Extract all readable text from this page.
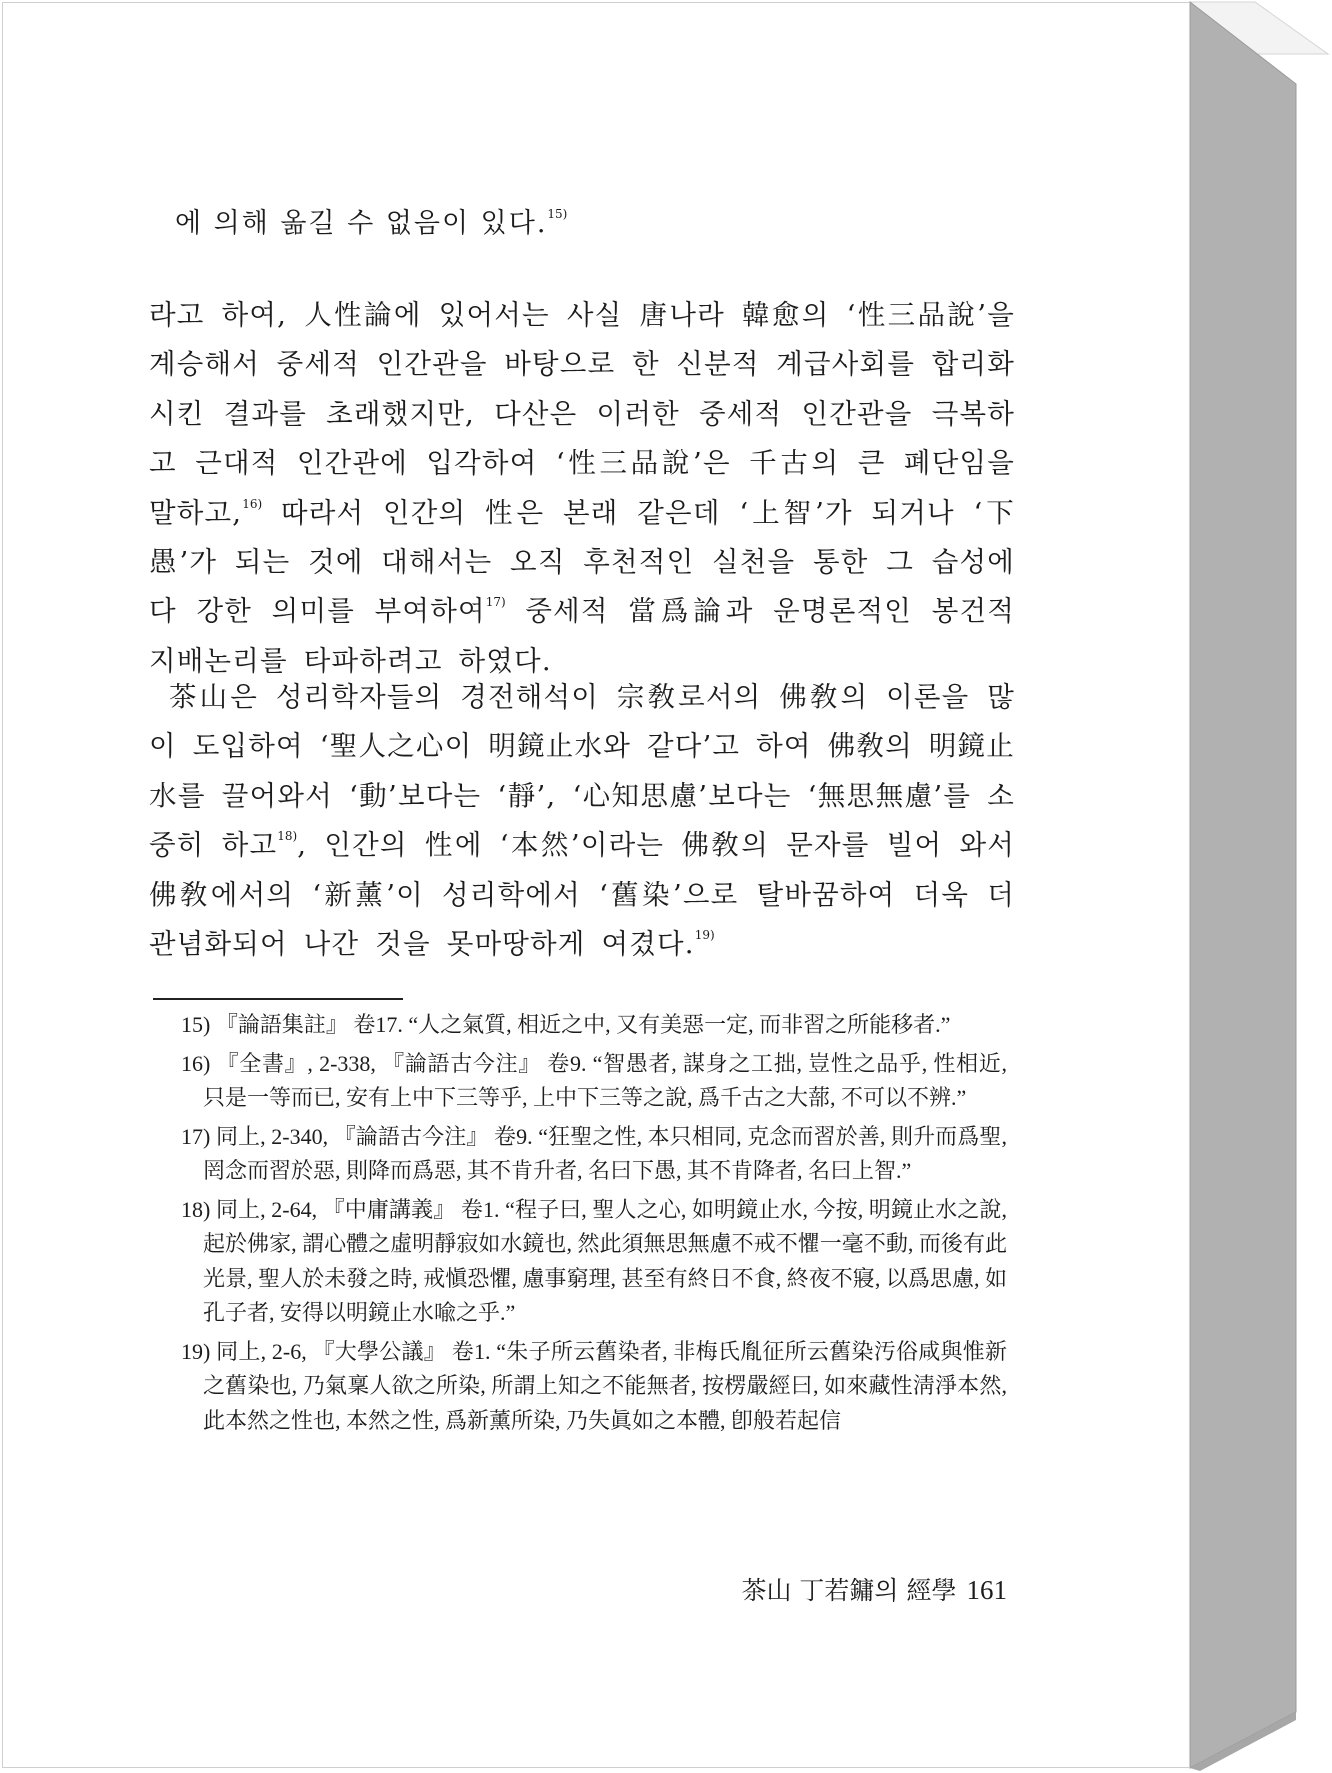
에 의해 옮길 수 없음이 있다.$^{15)}$

라고 하여, 人性論에 있어서는 사실 唐나라 韓愈의 ‘性三品說’을 계승해서 중세적 인간관을 바탕으로 한 신분적 계급사회를 합리화시킨 결과를 초래했지만, 다산은 이러한 중세적 인간관을 극복하고 근대적 인간관에 입각하여 ‘性三品說’은 千古의 큰 폐단임을 말하고,$^{16)}$ 따라서 인간의 性은 본래 같은데 ‘上智’가 되거나 ‘下愚’가 되는 것에 대해서는 오직 후천적인 실천을 통한 그 습성에다 강한 의미를 부여하여$^{17)}$ 중세적 當爲論과 운명론적인 봉건적 지배논리를 타파하려고 하였다.

茶山은 성리학자들의 경전해석이 宗敎로서의 佛敎의 이론을 많이 도입하여 ‘聖人之心이 明鏡止水와 같다’고 하여 佛敎의 明鏡止水를 끌어와서 ‘動’보다는 ‘靜’, ‘心知思慮’보다는 ‘無思無慮’를 소중히 하고$^{18)}$, 인간의 性에 ‘本然’이라는 佛敎의 문자를 빌어 와서 佛敎에서의 ‘新薰’이 성리학에서 ‘舊染’으로 탈바꿈하여 더욱 더 관념화되어 나간 것을 못마땅하게 여겼다.$^{19)}$

15) 『論語集註』 卷17. “人之氣質, 相近之中, 又有美惡一定, 而非習之所能移者.”
16) 『全書』, 2-338, 『論語古今注』 卷9. “智愚者, 謀身之工拙, 豈性之品乎, 性相近, 只是一等而已, 安有上中下三等乎, 上中下三等之說, 爲千古之大蔀, 不可以不辨.”
17) 同上, 2-340, 『論語古今注』 卷9. “狂聖之性, 本只相同, 克念而習於善, 則升而爲聖, 罔念而習於惡, 則降而爲惡, 其不肯升者, 名曰下愚, 其不肯降者, 名曰上智.”
18) 同上, 2-64, 『中庸講義』 卷1. “程子曰, 聖人之心, 如明鏡止水, 今按, 明鏡止水之說, 起於佛家, 謂心體之虛明靜寂如水鏡也, 然此須無思無慮不戒不懼一毫不動, 而後有此光景, 聖人於未發之時, 戒愼恐懼, 慮事窮理, 甚至有終日不食, 終夜不寢, 以爲思慮, 如孔子者, 安得以明鏡止水喩之乎.”
19) 同上, 2-6, 『大學公議』 卷1. “朱子所云舊染者, 非梅氏胤征所云舊染汚俗咸與惟新之舊染也, 乃氣稟人欲之所染, 所謂上知之不能無者, 按楞嚴經曰, 如來藏性淸淨本然, 此本然之性也, 本然之性, 爲新薰所染, 乃失眞如之本體, 卽般若起信
茶山 丁若鏞의 經學 161
